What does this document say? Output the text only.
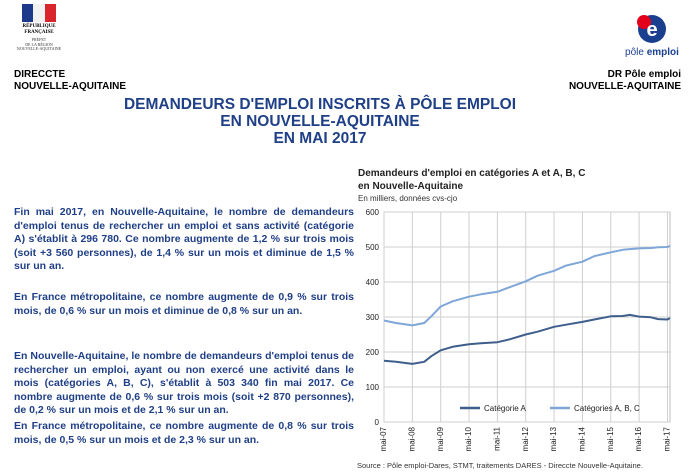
RÉPUBLIQUE
FRANÇAISE
PRÉFET
DE LA RÉGION
NOUVELLE-AQUITAINE
DIRECCTE
NOUVELLE-AQUITAINE
e
pôle emploi
DR Pôle emploi
NOUVELLE-AQUITAINE
DEMANDEURS D'EMPLOI INSCRITS À PÔLE EMPLOI
EN NOUVELLE-AQUITAINE
EN MAI 2017
Fin mai 2017, en Nouvelle-Aquitaine, le nombre de demandeurs d'emploi tenus de rechercher un emploi et sans activité (catégorie A) s'établit à 296 780. Ce nombre augmente de 1,2 % sur trois mois (soit +3 560 personnes), de 1,4 % sur un mois et diminue de 1,5 % sur un an.
En France métropolitaine, ce nombre augmente de 0,9 % sur trois mois, de 0,6 % sur un mois et diminue de 0,8 % sur un an.
En Nouvelle-Aquitaine, le nombre de demandeurs d'emploi tenus de rechercher un emploi, ayant ou non exercé une activité dans le mois (catégories A, B, C), s'établit à 503 340 fin mai 2017. Ce nombre augmente de 0,6 % sur trois mois (soit +2 870 personnes), de 0,2 % sur un mois et de 2,1 % sur un an.
En France métropolitaine, ce nombre augmente de 0,8 % sur trois mois, de 0,5 % sur un mois et de 2,3 % sur un an.
Demandeurs d'emploi en catégories A et A, B, C
en Nouvelle-Aquitaine
En milliers, données cvs-cjo
0
100
200
300
400
500
600
mai-07 mai-08 mai-09 mai-10 mai-11 mai-12 mai-13 mai-14 mai-15 mai-16 mai-17
Catégorie A	Catégories A, B, C
Source : Pôle emploi-Dares, STMT, traitements DARES - Direccte Nouvelle-Aquitaine.
